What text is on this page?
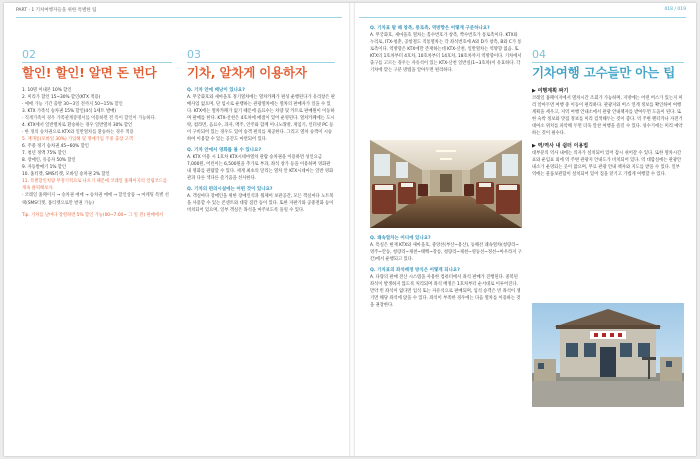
PART · 1 기차여행자들을 위한 특별한 팁
02
할인! 할인! 알면 돈 번다
1. 10명 이내본 10% 할인
2. 미리가 할인 15~30% 할인(KTX 적용)
· 예매 가능 기간 출발 30~3일 전까지 50~15% 할인
3. KTX 가족석 승차권 15% 할인(4석 1세트 발매)
· 직계가족이 경우 가족관계증명서를 이용하면 전 특이 할인이 가능하다.
4. KTX에서 일반열차로 환승하는 경우 일반열차 30% 할인
· 한 정의 승차권으로 KTX와 일반열차를 환승하는 경우 적용
5. 재개통(모바일 30%) 가입해 및 명예가입 주중 출장 고객
6. 주중 정기 승차권 45~60% 할인
7. 청년 정액 75% 할인
8. 장애인, 유공자 50% 할인
9. 자동발매기 1% 할인
10. 홈티켓, SMS티켓, 모바일 승차권 2% 할인
11. 특별할인치량 무정기적으로 나오기 때문에 코레일 홈페이지의 알림코드를 계속 클릭해보자.
· 코레일 홈페이지 → 승차권 예매 → 승차권 예매 → 할인상품 → 마케팅 특별 선택(SMS티켓, 홈티켓으로만 발권 가능)
Tip. 기차를 날마다 장렬하면 5% 할인 가능(00~7:00~ 그 일 전) 판매에서
03
기차, 알차게 이용하자
Q. 기차 안에 배낭이 있나요?
A. 무궁화호와 새마을호 정기열차에는 열차카페가 편성 운행된다가 유리창은 판매사업 없으며, 단 임시로 운행하는 관광열차에는 열차의 판매자가 일을 수 있다. KTX에는 열차카페가 없기 때문에 음료수는 차량 및 카트로 판매원이 이동하며 판매를 한다. KTX-산천은 4호차에 매점이 있어 운영된다. 열차카페에는 도시락, 컵라면, 음료수, 과자, 맥주, 안주와 함께 미니노래방, 게임기, 인터넷 PC 등이 구비되어 있는 경우도 있어 승객 편의를 제공한다. 그리고 열차 승객이 시승하여 이용할 수 있는 공간도 마련되어 있다.
Q. 기차 안에서 영화를 볼 수 있나요?
A. KTX 이용 시 1호차 KTX시네마열차 관람 승차권을 이용하면 성인요금 7,000원, 어린이는 6,500원을 추가로 부과, 좌석 창가 등을 이용하며 영화관 내 영화를 관람할 수 있다. 세계 최초의 달리는 열차 안 KTX시네마는 일반 영화관과 다른 색다른 즐거움을 선사한다.
Q. 기차의 편의시설에는 어떤 것이 있나요?
A. 객실마다 장애인을 위한 장애인석과 휠체어 보관공간, 모든 객실마다 노트북을 사용할 수 있는 콘센트와 대형 짐칸 등이 있다. 또한 자판기와 공중전화 등이 비치되어 있으며, 일부 객실은 좌석을 마주보도록 돌릴 수 있다.
018 / 019
Q. 기차표 탈 때 창측, 통로측, 역방향은 어떻게 구분하나요?
A. 무궁화호, 새마을호 열차는 홀수번호가 창측, 짝수번호가 통로측이다. KTX와 누리로, ITX-청춘, 공항철도 직통열차는 각 좌석번호에 A와 D가 창측, B와 C가 통로측이다. 역방향은 KTX에만 존재하는데 KTX-산천, 일반열차는 역방향 없음. 또 KTX의 1호차부터 4호차, 10호차부터 14호차, 18호차까지 역방향이다. 기차에서 출구를 고르는 경우는 자유석이 있는 KTX-산천 일반실(1~3호차)이 유효하다. 각 기차에 맞는 구분 방법을 알아두면 편리하다.
Q. 쾌속열차는 어디에 있나요?
A. 특실은 현재 KTX와 새마을호, 중앙선(부산~용산), 동해선 쾌속열차(청량리~영주~안동, 청량리~제천~태백~강릉, 청량리~제천~영동선~정선~아우라지 구간)에서 운행되고 있다.
Q. 기차표의 좌석배정 방식은 어떻게 되나요?
A. 다량의 판매 전산 시스템을 사용한 컴퓨터에서 좌석 판매가 진행된다. 중복된 좌석이 발생하지 않도록 처리되며 좌석 배정은 1호차부터 순서대로 이루어진다. 만약 빈 좌석이 없다면 입석 또는 자유석으로 판매되며, 입석 승객은 빈 좌석이 생기면 해당 좌석에 앉을 수 있다. 좌석이 부족한 경우에는 다음 열차를 이용하는 것을 권장한다.
04
기차여행 고수들만 아는 팁
▶ 여행계획 짜기
코레일 홈페이지에서 열차시간 조회가 가능하며, 지방에는 어떤 버스가 있는지 미리 알아두면 여행 중 이동이 편리하다. 관광지와 버스 연계 정보를 확인하여 여행 계획을 세우고, 지역 여행 안내소에서 관광 안내책자를 받아두면 도움이 된다. 또한 숙박 정보와 맛집 정보를 미리 검색해두는 것이 좋다. 역 주변 렌터카나 자전거 대여소 위치를 파악해 두면 더욱 알찬 여행을 즐길 수 있다. 성수기에는 미리 예약하는 것이 필수다.
▶ 역/역사 내 쉼터 이용법
대부분의 역사 내에는 의자가 설치되어 있어 잠시 쉬어갈 수 있다. 또한 열차시간표와 운임표 외에 역 주변 관광지 안내도가 비치되어 있다. 역 대합실에는 관광안내소가 운영되는 곳이 많으며, 무료 관광 안내 책자와 지도를 받을 수 있다. 일부 역에는 물품보관함이 설치되어 있어 짐을 맡기고 가볍게 여행할 수 있다.
